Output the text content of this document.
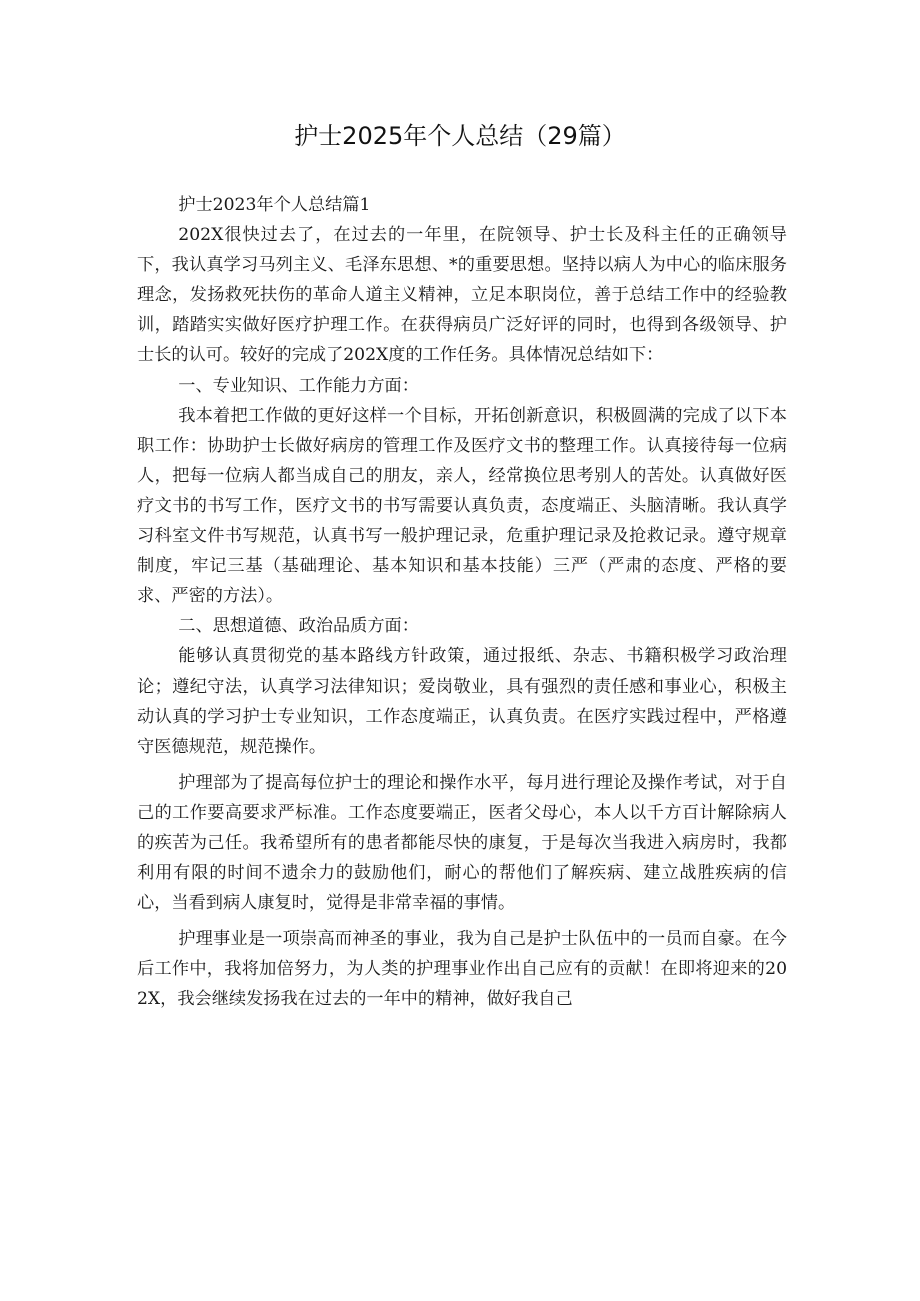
护士2025年个人总结（29篇）

护士2023年个人总结篇1

202X很快过去了，在过去的一年里，在院领导、护士长及科主任的正确领导下，我认真学习马列主义、毛泽东思想、*的重要思想。坚持以病人为中心的临床服务理念，发扬救死扶伤的革命人道主义精神，立足本职岗位，善于总结工作中的经验教训，踏踏实实做好医疗护理工作。在获得病员广泛好评的同时，也得到各级领导、护士长的认可。较好的完成了202X度的工作任务。具体情况总结如下：

一、专业知识、工作能力方面：

我本着把工作做的更好这样一个目标，开拓创新意识，积极圆满的完成了以下本职工作：协助护士长做好病房的管理工作及医疗文书的整理工作。认真接待每一位病人，把每一位病人都当成自己的朋友，亲人，经常换位思考别人的苦处。认真做好医疗文书的书写工作，医疗文书的书写需要认真负责，态度端正、头脑清晰。我认真学习科室文件书写规范，认真书写一般护理记录，危重护理记录及抢救记录。遵守规章制度，牢记三基（基础理论、基本知识和基本技能）三严（严肃的态度、严格的要求、严密的方法）。

二、思想道德、政治品质方面：

能够认真贯彻党的基本路线方针政策，通过报纸、杂志、书籍积极学习政治理论；遵纪守法，认真学习法律知识；爱岗敬业，具有强烈的责任感和事业心，积极主动认真的学习护士专业知识，工作态度端正，认真负责。在医疗实践过程中，严格遵守医德规范，规范操作。

护理部为了提高每位护士的理论和操作水平，每月进行理论及操作考试，对于自己的工作要高要求严标准。工作态度要端正，医者父母心，本人以千方百计解除病人的疾苦为己任。我希望所有的患者都能尽快的康复，于是每次当我进入病房时，我都利用有限的时间不遗余力的鼓励他们，耐心的帮他们了解疾病、建立战胜疾病的信心，当看到病人康复时，觉得是非常幸福的事情。

护理事业是一项崇高而神圣的事业，我为自己是护士队伍中的一员而自豪。在今后工作中，我将加倍努力，为人类的护理事业作出自己应有的贡献！在即将迎来的202X，我会继续发扬我在过去的一年中的精神，做好我自己
